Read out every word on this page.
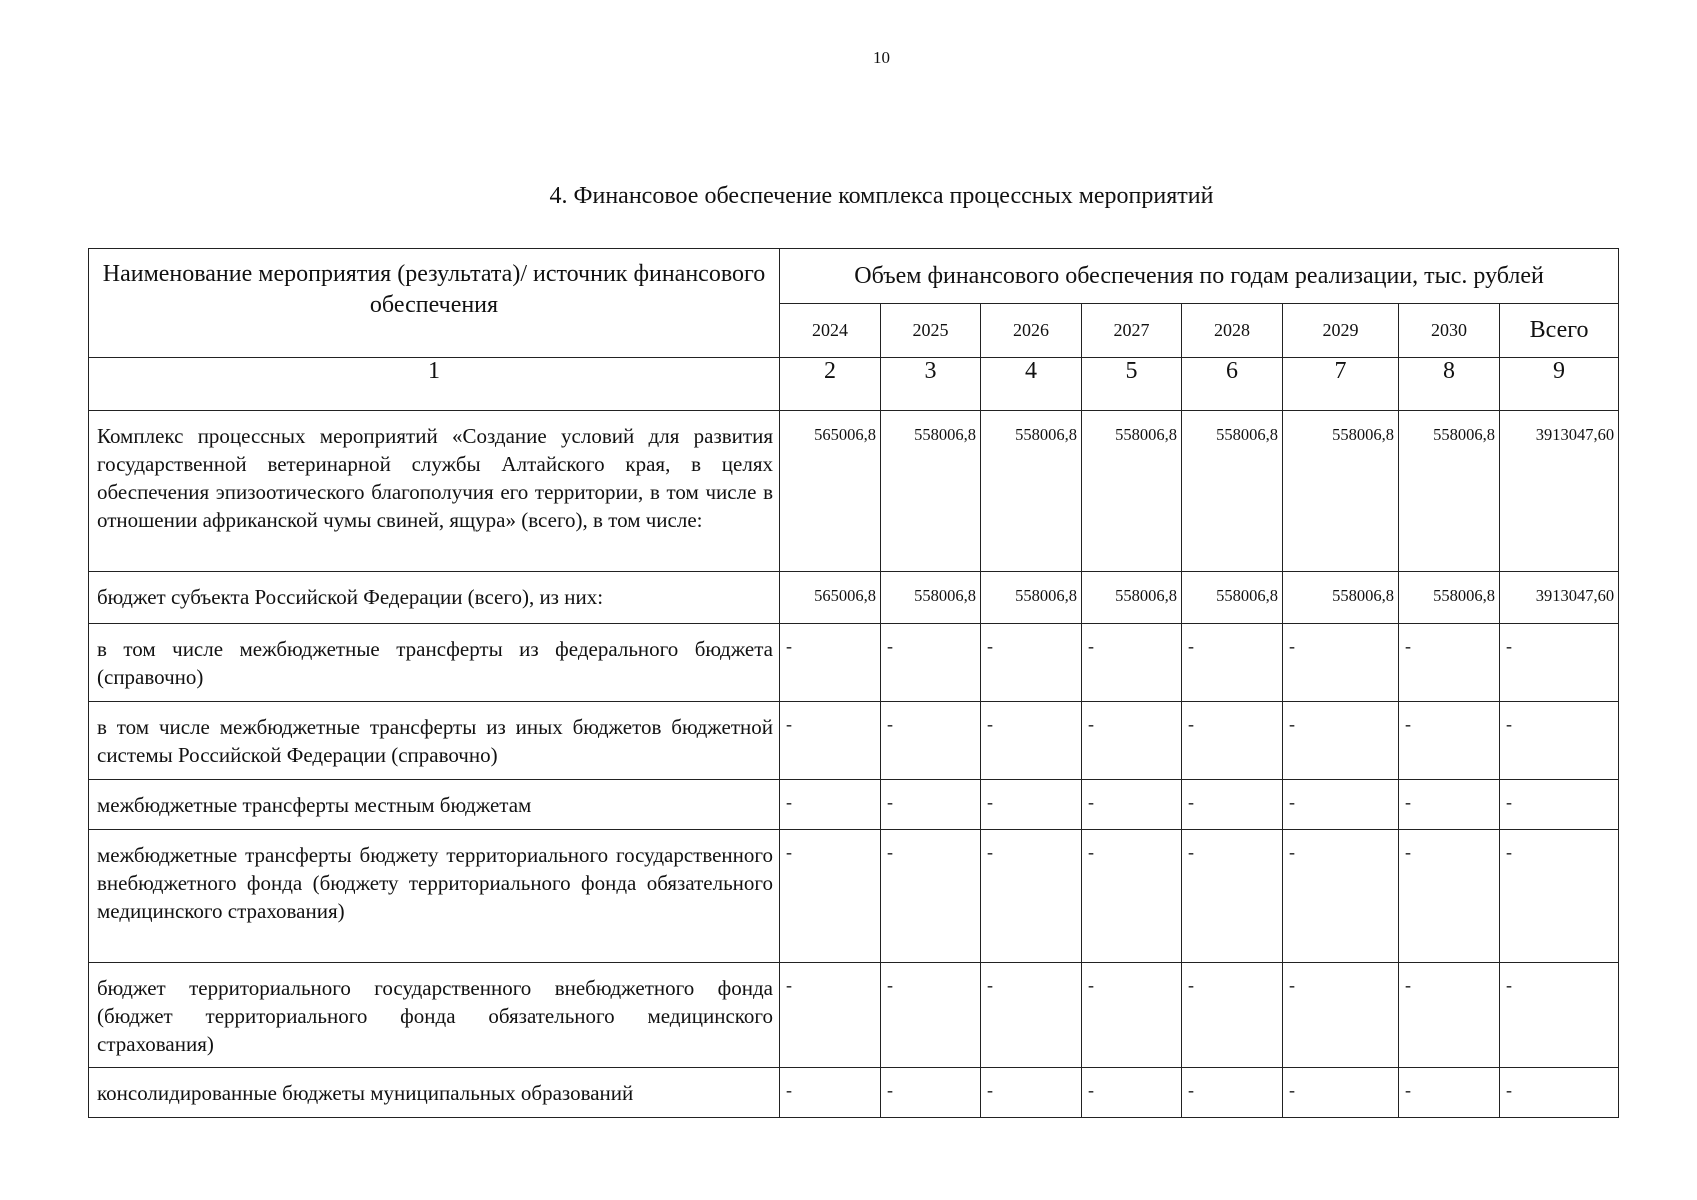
10
4. Финансовое обеспечение комплекса процессных мероприятий
Наименование мероприятия (результата)/ источник финансового обеспечения	Объем финансового обеспечения по годам реализации, тыс. рублей							
	2024	2025	2026	2027	2028	2029	2030	Всего
1	2	3	4	5	6	7	8	9
Комплекс процессных мероприятий «Создание условий для развития государственной ветеринарной службы Алтайского края, в целях обеспечения эпизоотического благополучия его территории, в том числе в отношении африканской чумы свиней, ящура» (всего), в том числе:	565006,8	558006,8	558006,8	558006,8	558006,8	558006,8	558006,8	3913047,60
бюджет субъекта Российской Федерации (всего), из них:	565006,8	558006,8	558006,8	558006,8	558006,8	558006,8	558006,8	3913047,60
в том числе межбюджетные трансферты из федерального бюджета (справочно)	-	-	-	-	-	-	-	-
в том числе межбюджетные трансферты из иных бюджетов бюджетной системы Российской Федерации (справочно)	-	-	-	-	-	-	-	-
межбюджетные трансферты местным бюджетам	-	-	-	-	-	-	-	-
межбюджетные трансферты бюджету территориального государственного внебюджетного фонда (бюджету территориального фонда обязательного медицинского страхования)	-	-	-	-	-	-	-	-
бюджет территориального государственного внебюджетного фонда (бюджет территориального фонда обязательного медицинского страхования)	-	-	-	-	-	-	-	-
консолидированные бюджеты муниципальных образований	-	-	-	-	-	-	-	-
